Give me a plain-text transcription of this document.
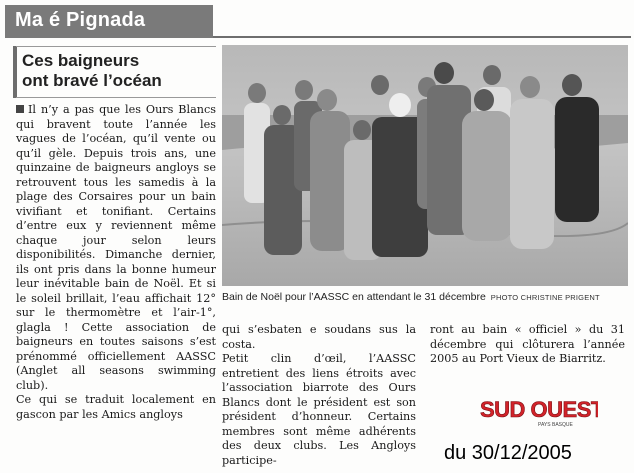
Ma é Pignada
Ces baigneurs
ont bravé l’océan

Il n’y a pas que les Ours Blancs qui bravent toute l’année les vagues de l’océan, qu’il vente ou qu’il gèle. Depuis trois ans, une quinzaine de baigneurs angloys se retrouvent tous les samedis à la plage des Corsaires pour un bain vivifiant et tonifiant. Certains d’entre eux y reviennent même chaque jour selon leurs disponibilités. Dimanche dernier, ils ont pris dans la bonne humeur leur inévitable bain de Noël. Et si le soleil brillait, l’eau affichait 12° sur le thermomètre et l’air-1°, glagla ! Cette association de baigneurs en toutes saisons s’est prénommé officiellement AASSC (Anglet all seasons swimming club).

Ce qui se traduit localement en gascon par les Amics angloys

Bain de Noël pour l’AASSC en attendant le 31 décembre PHOTO CHRISTINE PRIGENT

qui s’esbaten e soudans sus la costa.

Petit clin d’œil, l’AASSC entretient des liens étroits avec l’association biarrote des Ours Blancs dont le président est son président d’honneur. Certains membres sont même adhérents des deux clubs. Les Angloys participe-

ront au bain « officiel » du 31 décembre qui clôturera l’année 2005 au Port Vieux de Biarritz.

SUD OUEST
PAYS BASQUE
du 30/12/2005
